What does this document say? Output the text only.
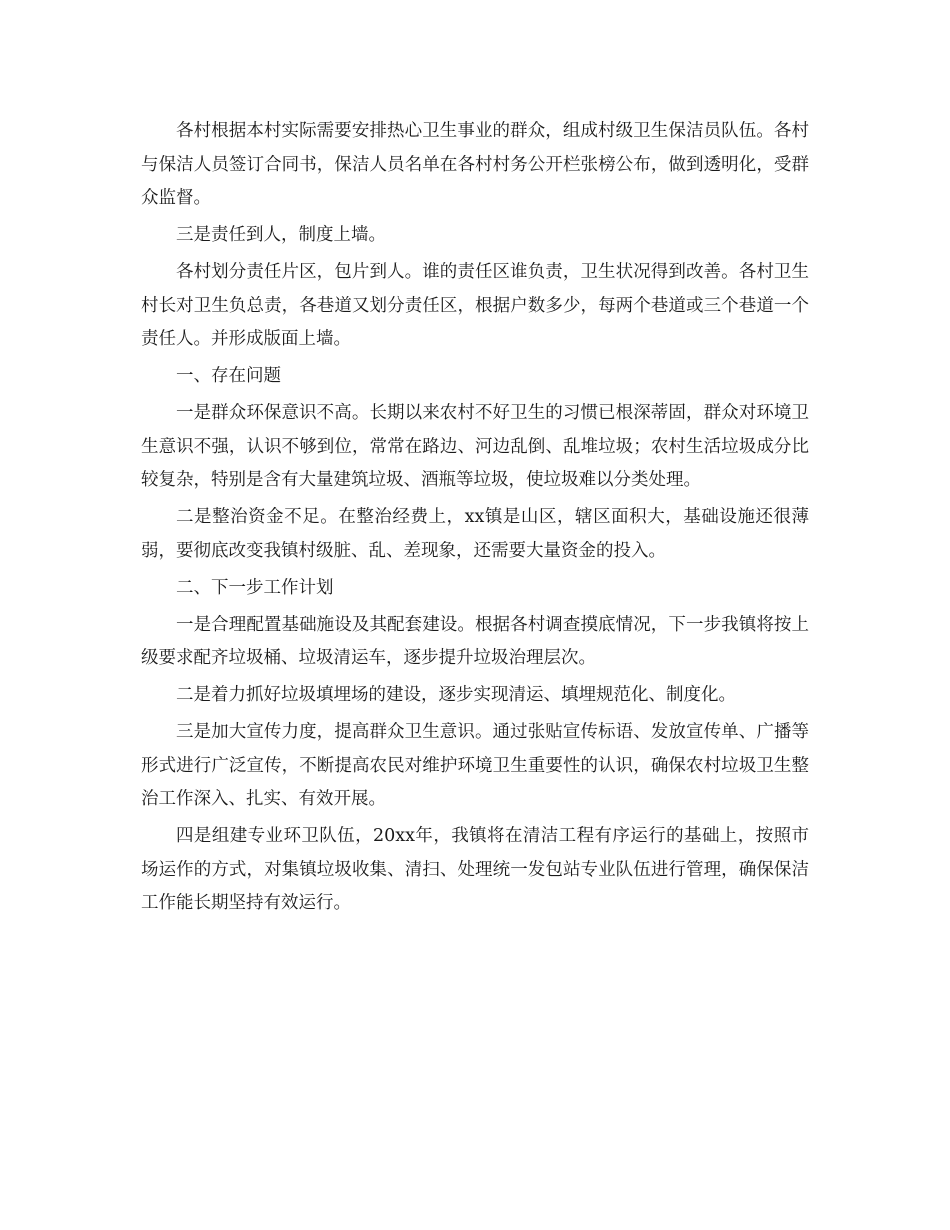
各村根据本村实际需要安排热心卫生事业的群众，组成村级卫生保洁员队伍。各村与保洁人员签订合同书，保洁人员名单在各村村务公开栏张榜公布，做到透明化，受群众监督。

三是责任到人，制度上墙。

各村划分责任片区，包片到人。谁的责任区谁负责，卫生状况得到改善。各村卫生村长对卫生负总责，各巷道又划分责任区，根据户数多少，每两个巷道或三个巷道一个责任人。并形成版面上墙。

一、存在问题

一是群众环保意识不高。长期以来农村不好卫生的习惯已根深蒂固，群众对环境卫生意识不强，认识不够到位，常常在路边、河边乱倒、乱堆垃圾；农村生活垃圾成分比较复杂，特别是含有大量建筑垃圾、酒瓶等垃圾，使垃圾难以分类处理。

二是整治资金不足。在整治经费上，xx镇是山区，辖区面积大，基础设施还很薄弱，要彻底改变我镇村级脏、乱、差现象，还需要大量资金的投入。

二、下一步工作计划

一是合理配置基础施设及其配套建设。根据各村调查摸底情况，下一步我镇将按上级要求配齐垃圾桶、垃圾清运车，逐步提升垃圾治理层次。

二是着力抓好垃圾填埋场的建设，逐步实现清运、填埋规范化、制度化。

三是加大宣传力度，提高群众卫生意识。通过张贴宣传标语、发放宣传单、广播等形式进行广泛宣传，不断提高农民对维护环境卫生重要性的认识，确保农村垃圾卫生整治工作深入、扎实、有效开展。

四是组建专业环卫队伍，20xx年，我镇将在清洁工程有序运行的基础上，按照市场运作的方式，对集镇垃圾收集、清扫、处理统一发包站专业队伍进行管理，确保保洁工作能长期坚持有效运行。
